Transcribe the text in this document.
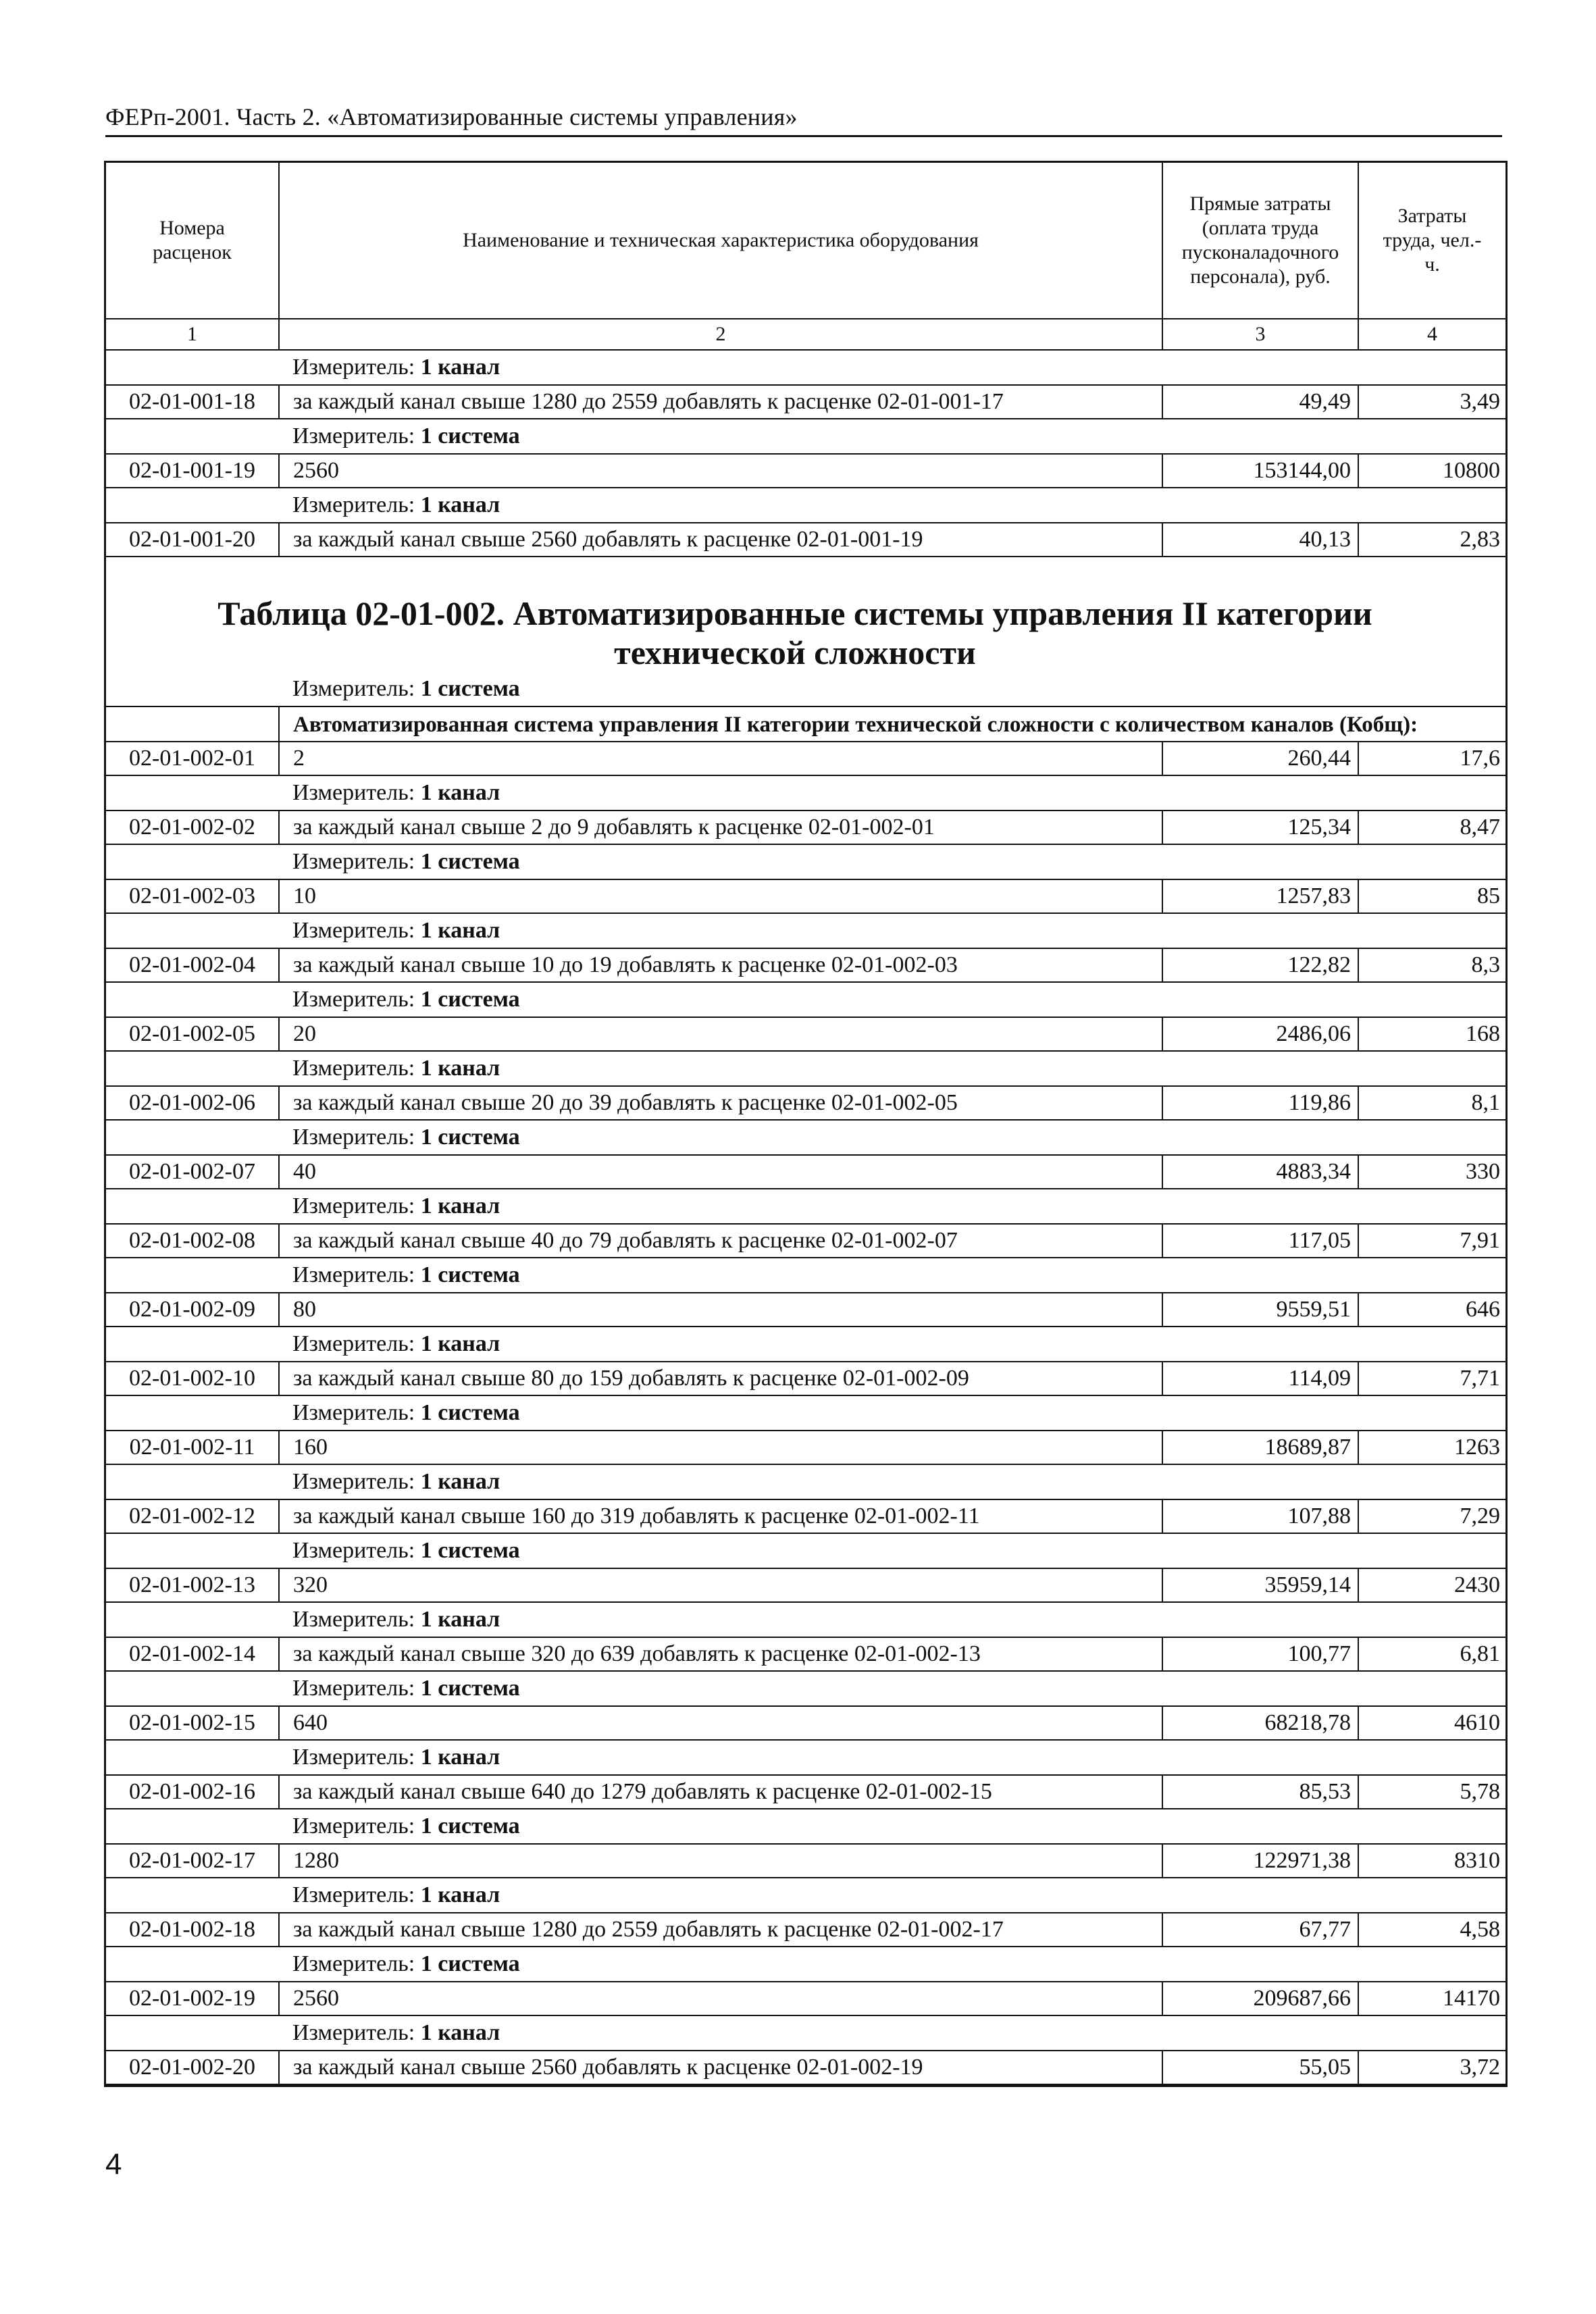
ФЕРп-2001. Часть 2. «Автоматизированные системы управления»
Номера расценок	Наименование и техническая характеристика оборудования	Прямые затраты (оплата труда пусконаладочного персонала), руб.	Затраты труда, чел.-ч.
1	2	3	4
Измеритель: 1 канал			
02-01-001-18	за каждый канал свыше 1280 до 2559 добавлять к расценке 02-01-001-17	49,49	3,49
Измеритель: 1 система			
02-01-001-19	2560	153144,00	10800
Измеритель: 1 канал			
02-01-001-20	за каждый канал свыше 2560 добавлять к расценке 02-01-001-19	40,13	2,83

Таблица 02-01-002. Автоматизированные системы управления II категории технической сложности			

Измеритель: 1 система			
	Автоматизированная система управления II категории технической сложности с количеством каналов (Кобщ):		
02-01-002-01	2	260,44	17,6
Измеритель: 1 канал			
02-01-002-02	за каждый канал свыше 2 до 9 добавлять к расценке 02-01-002-01	125,34	8,47
Измеритель: 1 система			
02-01-002-03	10	1257,83	85
Измеритель: 1 канал			
02-01-002-04	за каждый канал свыше 10 до 19 добавлять к расценке 02-01-002-03	122,82	8,3
Измеритель: 1 система			
02-01-002-05	20	2486,06	168
Измеритель: 1 канал			
02-01-002-06	за каждый канал свыше 20 до 39 добавлять к расценке 02-01-002-05	119,86	8,1
Измеритель: 1 система			
02-01-002-07	40	4883,34	330
Измеритель: 1 канал			
02-01-002-08	за каждый канал свыше 40 до 79 добавлять к расценке 02-01-002-07	117,05	7,91
Измеритель: 1 система			
02-01-002-09	80	9559,51	646
Измеритель: 1 канал			
02-01-002-10	за каждый канал свыше 80 до 159 добавлять к расценке 02-01-002-09	114,09	7,71
Измеритель: 1 система			
02-01-002-11	160	18689,87	1263
Измеритель: 1 канал			
02-01-002-12	за каждый канал свыше 160 до 319 добавлять к расценке 02-01-002-11	107,88	7,29
Измеритель: 1 система			
02-01-002-13	320	35959,14	2430
Измеритель: 1 канал			
02-01-002-14	за каждый канал свыше 320 до 639 добавлять к расценке 02-01-002-13	100,77	6,81
Измеритель: 1 система			
02-01-002-15	640	68218,78	4610
Измеритель: 1 канал			
02-01-002-16	за каждый канал свыше 640 до 1279 добавлять к расценке 02-01-002-15	85,53	5,78
Измеритель: 1 система			
02-01-002-17	1280	122971,38	8310
Измеритель: 1 канал			
02-01-002-18	за каждый канал свыше 1280 до 2559 добавлять к расценке 02-01-002-17	67,77	4,58
Измеритель: 1 система			
02-01-002-19	2560	209687,66	14170
Измеритель: 1 канал			
02-01-002-20	за каждый канал свыше 2560 добавлять к расценке 02-01-002-19	55,05	3,72
4
